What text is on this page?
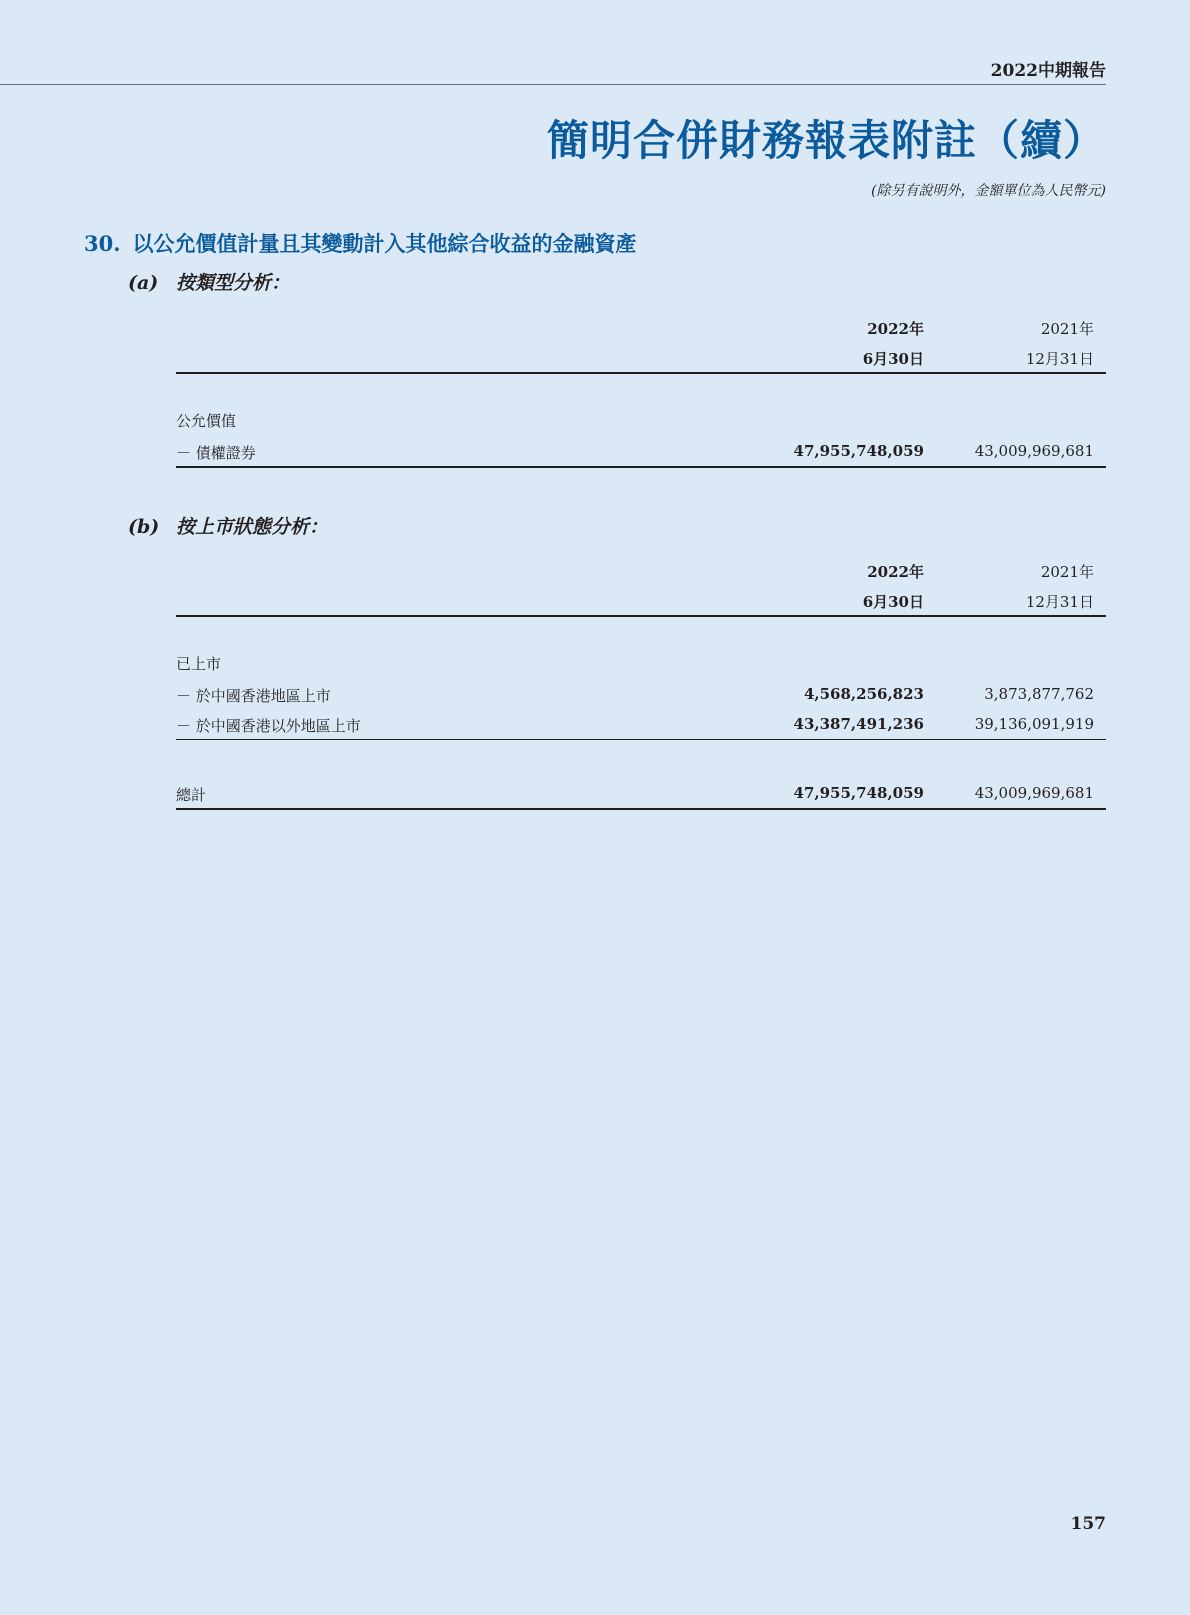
2022中期報告
簡明合併財務報表附註（續）
(除另有說明外，金額單位為人民幣元)
30. 以公允價值計量且其變動計入其他綜合收益的金融資產
(a) 按類型分析：
2022年	2021年
6月30日	12月31日
公允價值
－ 債權證券	47,955,748,059	43,009,969,681
(b) 按上市狀態分析：
2022年	2021年
6月30日	12月31日
已上市
－ 於中國香港地區上市	4,568,256,823	3,873,877,762
－ 於中國香港以外地區上市	43,387,491,236	39,136,091,919
總計	47,955,748,059	43,009,969,681
157
